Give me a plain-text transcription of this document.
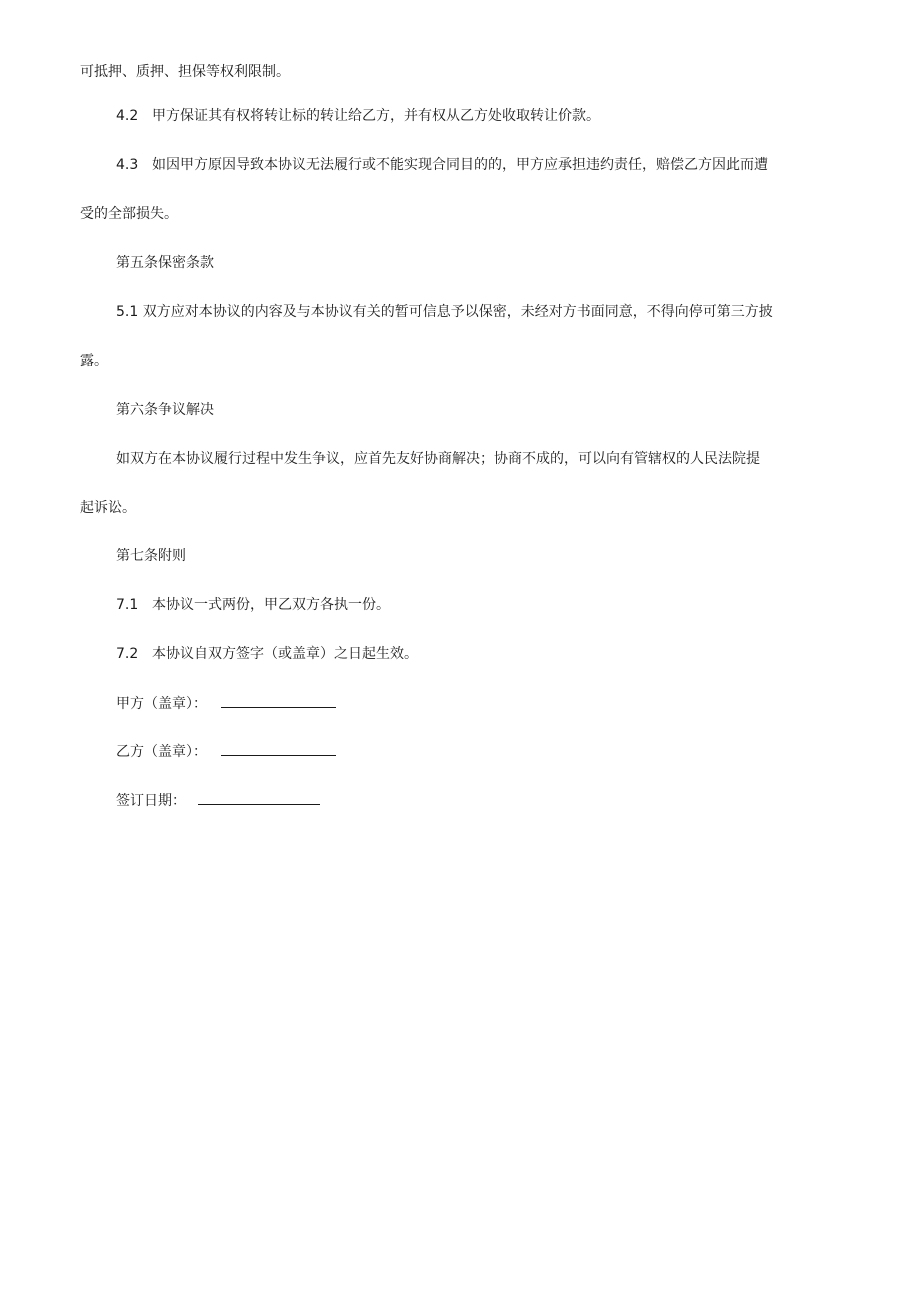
可抵押、质押、担保等权利限制。
4.2 甲方保证其有权将转让标的转让给乙方，并有权从乙方处收取转让价款。
4.3 如因甲方原因导致本协议无法履行或不能实现合同目的的，甲方应承担违约责任，赔偿乙方因此而遭
受的全部损失。
第五条保密条款
5.1 双方应对本协议的内容及与本协议有关的暂可信息予以保密，未经对方书面同意，不得向停可第三方披
露。
第六条争议解决
如双方在本协议履行过程中发生争议，应首先友好协商解决；协商不成的，可以向有管辖权的人民法院提
起诉讼。
第七条附则
7.1 本协议一式两份，甲乙双方各执一份。
7.2 本协议自双方签字（或盖章）之日起生效。
甲方（盖章）：
乙方（盖章）：
签订日期：
